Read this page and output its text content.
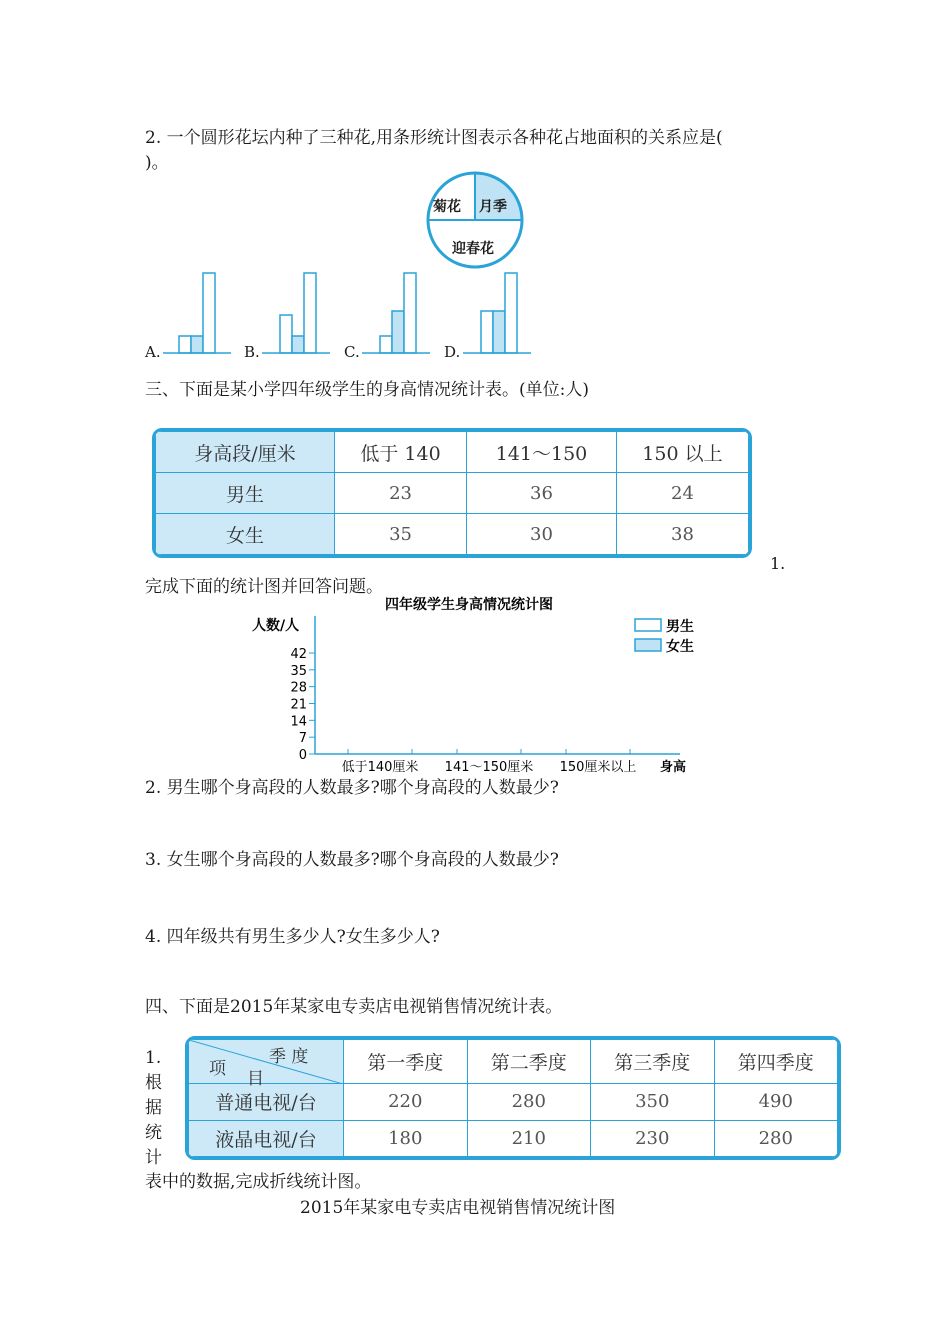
2. 一个圆形花坛内种了三种花,用条形统计图表示各种花占地面积的关系应是(
)。
菊花 月季
迎春花
A.	B.	C.	D.
三、下面是某小学四年级学生的身高情况统计表。(单位:人)
身高段/厘米	低于 140	141～150	150 以上
男生	23	36	24
女生	35	30	38
1.
完成下面的统计图并回答问题。
四年级学生身高情况统计图
人数/人
0
7
14
21
28
35
42
低于140厘米 141～150厘米 150厘米以上 身高
男生
女生
2. 男生哪个身高段的人数最多?哪个身高段的人数最少?
3. 女生哪个身高段的人数最多?哪个身高段的人数最少?
4. 四年级共有男生多少人?女生多少人?
四、下面是2015年某家电专卖店电视销售情况统计表。
1.
根
据
统
计
表中的数据,完成折线统计图。
季 度
项 目	第一季度	第二季度	第三季度	第四季度
普通电视/台	220	280	350	490
液晶电视/台	180	210	230	280
2015年某家电专卖店电视销售情况统计图
